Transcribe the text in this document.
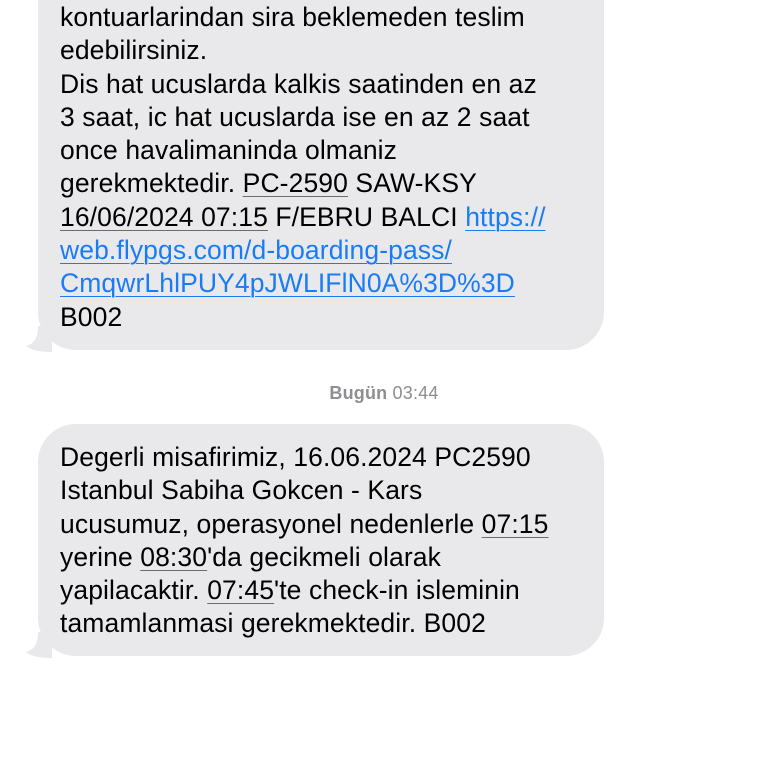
kontuarlarindan sira beklemeden teslim
edebilirsiniz.
Dis hat ucuslarda kalkis saatinden en az
3 saat, ic hat ucuslarda ise en az 2 saat
once havalimaninda olmaniz
gerekmektedir. PC-2590 SAW-KSY
16/06/2024 07:15 F/EBRU BALCI https://
web.flypgs.com/d-boarding-pass/
CmqwrLhlPUY4pJWLIFlN0A%3D%3D
B002
Bugün 03:44
Degerli misafirimiz, 16.06.2024 PC2590
Istanbul Sabiha Gokcen - Kars
ucusumuz, operasyonel nedenlerle 07:15
yerine 08:30'da gecikmeli olarak
yapilacaktir. 07:45'te check-in isleminin
tamamlanmasi gerekmektedir. B002
